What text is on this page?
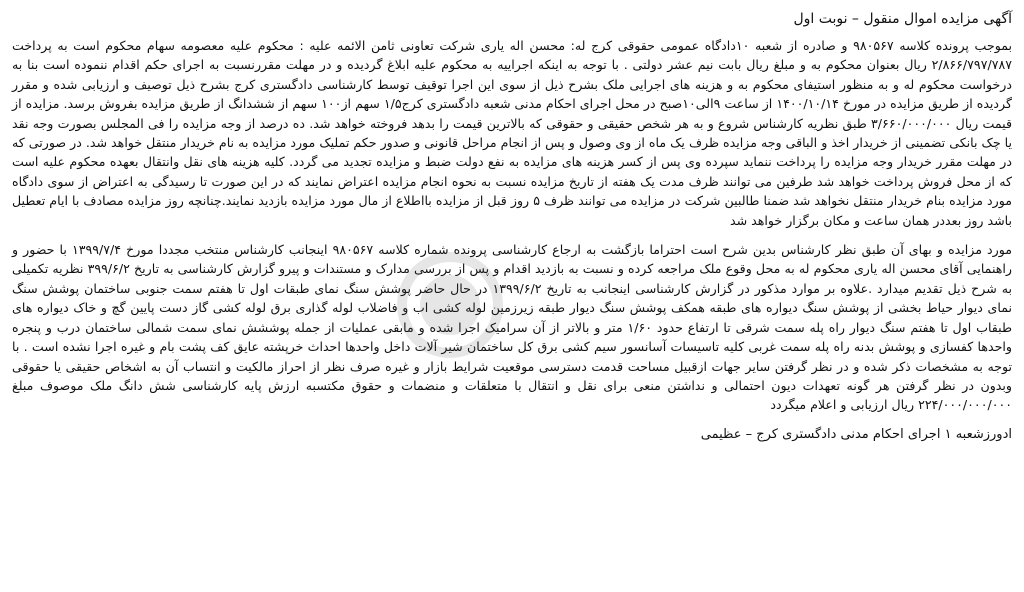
آگهی مزایده اموال منقول – نوبت اول

بموجب پرونده کلاسه ۹۸۰۵۶۷ و صادره از شعبه ۱۰دادگاه عمومی حقوقی کرج له: محسن اله یاری شرکت تعاونی ثامن الائمه علیه : محکوم علیه معصومه سهام محکوم است به پرداخت ۲/۸۶۶/۷۹۷/۷۸۷ ریال بعنوان محکوم به و مبلغ ریال بابت نیم عشر دولتی . با توجه به اینکه اجراییه به محکوم علیه ابلاغ گردیده و در مهلت مقررنسبت به اجرای حکم اقدام ننموده است بنا به درخواست محکوم له و به منظور استیفای محکوم به و هزینه های اجرایی ملک بشرح ذیل از سوی این اجرا توقیف توسط کارشناسی دادگستری کرج بشرح ذیل توصیف و ارزیابی شده و مقرر گردیده از طریق مزایده در مورخ ۱۴۰۰/۱۰/۱۴ از ساعت ۹الی۱۰صبح در محل اجرای احکام مدنی شعبه دادگستری کرج۱/۵ سهم از۱۰۰ سهم از ششدانگ از طریق مزایده بفروش برسد. مزایده از قیمت ریال ۳/۶۶۰/۰۰۰/۰۰۰ طبق نظریه کارشناس شروع و به هر شخص حقیقی و حقوقی که بالاترین قیمت را بدهد فروخته خواهد شد. ده درصد از وجه مزایده را فی المجلس بصورت وجه نقد یا چک بانکی تضمینی از خریدار اخذ و الباقی وجه مزایده ظرف یک ماه از وی وصول و پس از انجام مراحل قانونی و صدور حکم تملیک مورد مزایده به نام خریدار منتقل خواهد شد. در صورتی که در مهلت مقرر خریدار وجه مزایده را پرداخت ننماید سپرده وی پس از کسر هزینه های مزایده به نفع دولت ضبط و مزایده تجدید می گردد. کلیه هزینه های نقل وانتقال بعهده محکوم علیه است که از محل فروش پرداخت خواهد شد طرفین می توانند ظرف مدت یک هفته از تاریخ مزایده نسبت به نحوه انجام مزایده اعتراض نمایند که در این صورت تا رسیدگی به اعتراض از سوی دادگاه مورد مزایده بنام خریدار منتقل نخواهد شد ضمنا طالبین شرکت در مزایده می توانند ظرف ۵ روز قبل از مزایده بااطلاع از مال مورد مزایده بازدید نمایند.چنانچه روز مزایده مصادف با ایام تعطیل باشد روز بعددر همان ساعت و مکان برگزار خواهد شد

مورد مزایده و بهای آن طبق نظر کارشناس بدین شرح است احتراما بازگشت به ارجاع کارشناسی پرونده شماره کلاسه ۹۸۰۵۶۷ اینجانب کارشناس منتخب مجددا مورخ ۱۳۹۹/۷/۴ با حضور و راهنمایی آقای محسن اله یاری محکوم له به محل وقوع ملک مراجعه کرده و نسبت به بازدید اقدام و پس از بررسی مدارک و مستندات و پیرو گزارش کارشناسی به تاریخ ۳۹۹/۶/۲ نظریه تکمیلی به شرح ذیل تقدیم میدارد .علاوه بر موارد مذکور در گزارش کارشناسی اینجانب به تاریخ ۱۳۹۹/۶/۲ در حال حاضر پوشش سنگ نمای طبقات اول تا هفتم سمت جنوبی ساختمان پوشش سنگ نمای دیوار حیاط بخشی از پوشش سنگ دیواره های طبقه همکف پوشش سنگ دیوار طبقه زیرزمین لوله کشی اب و فاضلاب لوله گذاری برق لوله کشی گاز دست پایین گچ و خاک دیواره های طبقاب اول تا هفتم سنگ دیوار راه پله سمت شرقی تا ارتفاع حدود ۱/۶۰ متر و بالاتر از آن سرامیک اجرا شده و مابقی عملیات از جمله پوششش نمای سمت شمالی ساختمان درب و پنجره واحدها کفسازی و پوشش بدنه راه پله سمت غربی کلیه تاسیسات آسانسور سیم کشی برق کل ساختمان شیر آلات داخل واحدها احداث خرپشته عایق کف پشت بام و غیره اجرا نشده است . با توجه به مشخصات ذکر شده و در نظر گرفتن سایر جهات ازقبیل مساحت قدمت دسترسی موقعیت شرایط بازار و غیره صرف نظر از احراز مالکیت و انتساب آن به اشخاص حقیقی یا حقوقی وبدون در نظر گرفتن هر گونه تعهدات دیون احتمالی و نداشتن منعی برای نقل و انتقال با متعلقات و منضمات و حقوق مکتسبه ارزش پایه کارشناسی شش دانگ ملک موصوف مبلغ ۲۲۴/۰۰۰/۰۰۰/۰۰۰ ریال ارزیابی و اعلام میگردد

ادورزشعبه ۱ اجرای احکام مدنی دادگستری کرج – عظیمی
